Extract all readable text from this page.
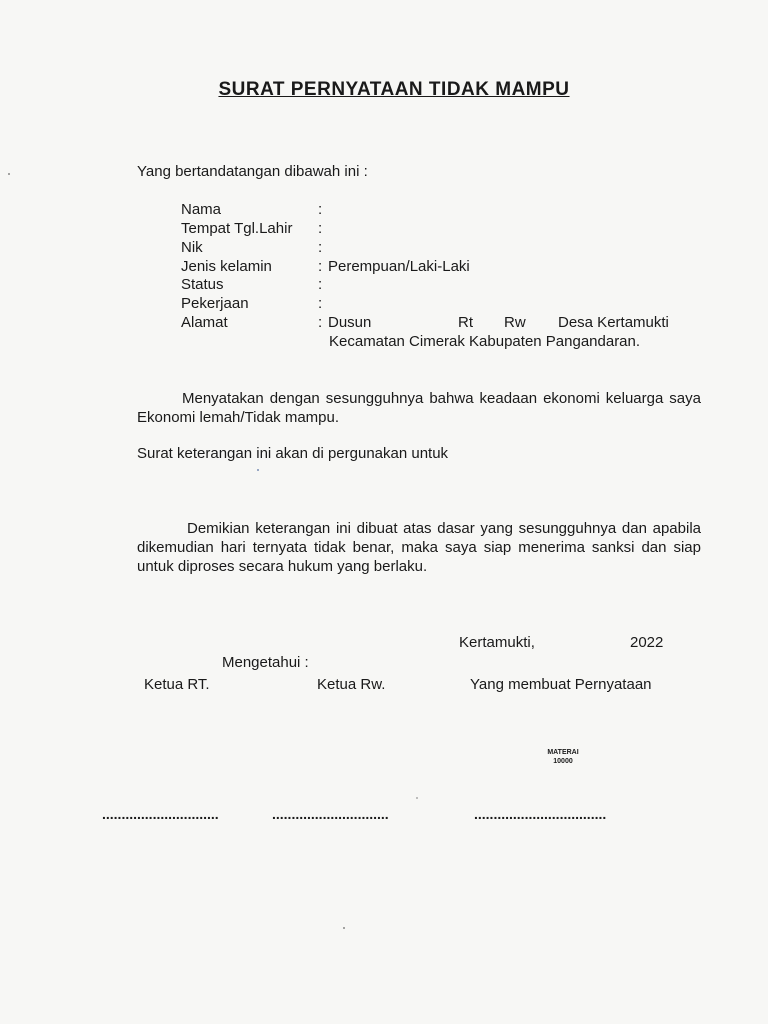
SURAT PERNYATAAN TIDAK MAMPU
Yang bertandatangan dibawah ini :
Nama	:
Tempat Tgl.Lahir :
Nik	:
Jenis kelamin	: Perempuan/Laki-Laki
Status	:
Pekerjaan	:
Alamat	: Dusun	Rt Rw Desa Kertamukti
Kecamatan Cimerak Kabupaten Pangandaran.
Menyatakan dengan sesungguhnya bahwa keadaan ekonomi keluarga saya Ekonomi lemah/Tidak mampu.
Surat keterangan ini akan di pergunakan untuk
Demikian keterangan ini dibuat atas dasar yang sesungguhnya dan apabila dikemudian hari ternyata tidak benar, maka saya siap menerima sanksi dan siap untuk diproses secara hukum yang berlaku.
Kertamukti,	2022
Mengetahui :
Ketua RT.	Ketua Rw.	Yang membuat Pernyataan
MATERAI
10000
..............................	..............................	..................................
